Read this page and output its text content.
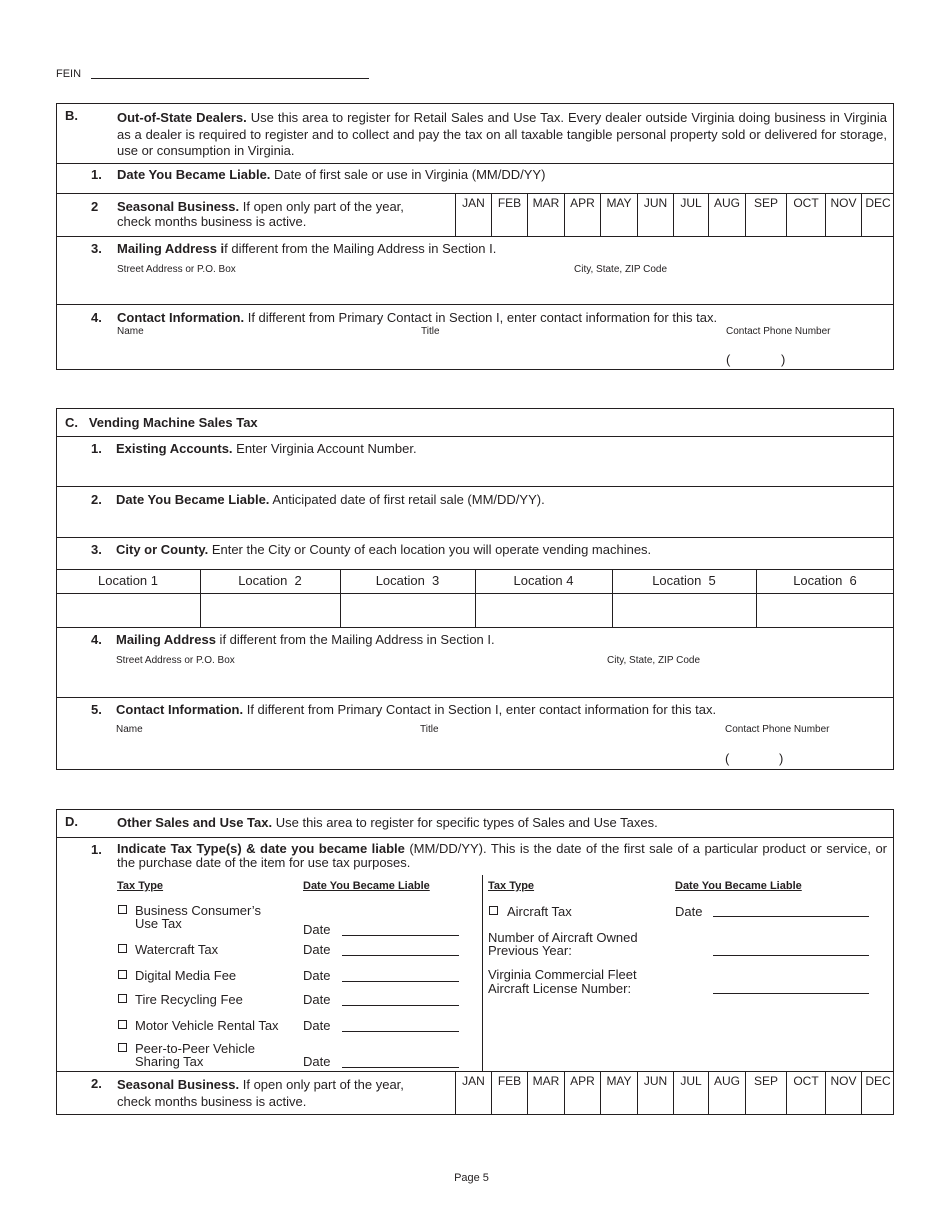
FEIN
B.	Out-of-State Dealers. Use this area to register for Retail Sales and Use Tax. Every dealer outside Virginia doing business in Virginia as a dealer is required to register and to collect and pay the tax on all taxable tangible personal property sold or delivered for storage, use or consumption in Virginia.
1. Date You Became Liable. Date of first sale or use in Virginia (MM/DD/YY)
2 Seasonal Business. If open only part of the year, check months business is active.
JAN	FEB MAR APR MAY	JUN	JUL	AUG	SEP	OCT NOV DEC
3. Mailing Address if different from the Mailing Address in Section I.
Street Address or P.O. Box	City, State, ZIP Code
4. Contact Information. If different from Primary Contact in Section I, enter contact information for this tax.
Name	Title	Contact Phone Number
(	)
C.   Vending Machine Sales Tax
1. Existing Accounts. Enter Virginia Account Number.
2. Date You Became Liable. Anticipated date of first retail sale (MM/DD/YY).
3. City or County. Enter the City or County of each location you will operate vending machines.
Location 1	Location  2	Location  3	Location 4	Location  5	Location  6
4. Mailing Address if different from the Mailing Address in Section I.
Street Address or P.O. Box	City, State, ZIP Code
5. Contact Information. If different from Primary Contact in Section I, enter contact information for this tax.
Name	Title	Contact Phone Number
(	)
D.	Other Sales and Use Tax. Use this area to register for specific types of Sales and Use Taxes.
1. Indicate Tax Type(s) & date you became liable (MM/DD/YY). This is the date of the first sale of a particular product or service, or the purchase date of the item for use tax purposes.
Tax Type	Date You Became Liable	Tax Type	Date You Became Liable
Business Consumer’s
Use Tax	Date
Watercraft Tax	Date
Digital Media Fee	Date
Tire Recycling Fee	Date
Motor Vehicle Rental Tax Date
Peer-to-Peer Vehicle
Sharing Tax	Date
Aircraft Tax	Date
Number of Aircraft Owned
Previous Year:
Virginia Commercial Fleet
Aircraft License Number:
2. Seasonal Business. If open only part of the year, check months business is active.
JAN	FEB MAR APR MAY	JUN	JUL	AUG	SEP	OCT NOV DEC
Page 5
